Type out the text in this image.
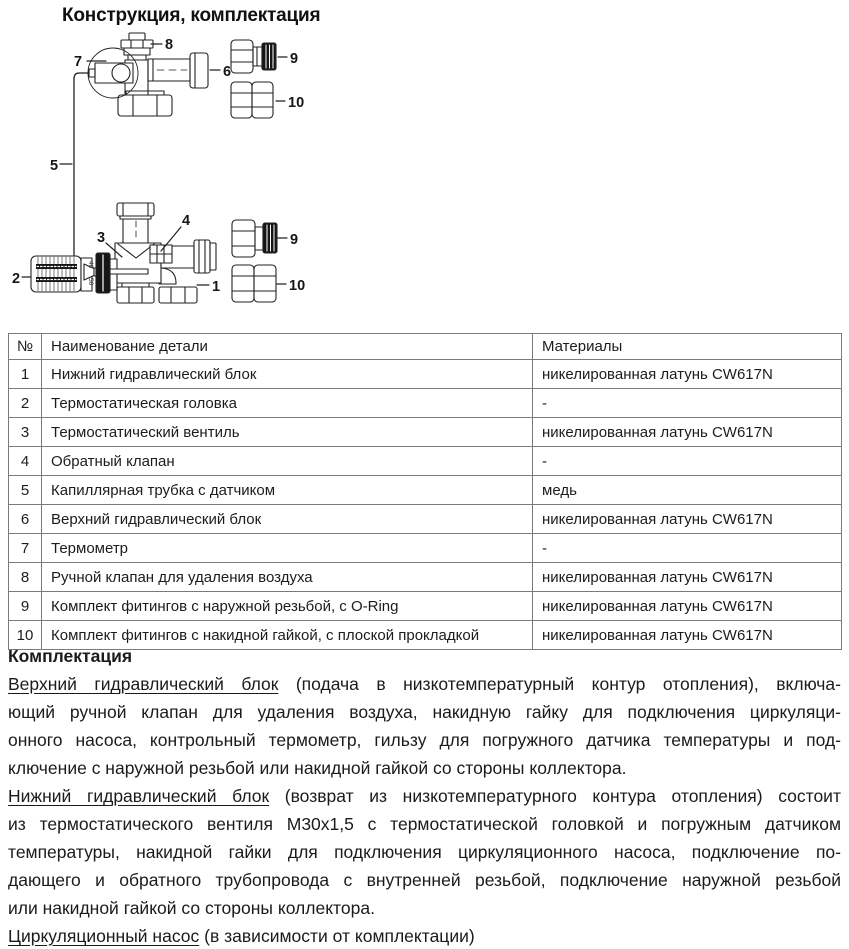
Конструкция, комплектация
7
8
6
9
10
5
3
4
2	1
9
10
40
50
№	Наименование детали	Материалы
1	Нижний гидравлический блок	никелированная латунь CW617N
2	Термостатическая головка	-
3	Термостатический вентиль	никелированная латунь CW617N
4	Обратный клапан	-
5	Капиллярная трубка с датчиком	медь
6	Верхний гидравлический блок	никелированная латунь CW617N
7	Термометр	-
8	Ручной клапан для удаления воздуха	никелированная латунь CW617N
9	Комплект фитингов с наружной резьбой, с O-Ring	никелированная латунь CW617N
10	Комплект фитингов с накидной гайкой, с плоской прокладкой	никелированная латунь CW617N
Комплектация
Верхний гидравлический блок (подача в низкотемпературный контур отопления), включа-
ющий ручной клапан для удаления воздуха, накидную гайку для подключения циркуляци-
онного насоса, контрольный термометр, гильзу для погружного датчика температуры и под-
ключение с наружной резьбой или накидной гайкой со стороны коллектора.
Нижний гидравлический блок (возврат из низкотемпературного контура отопления) состоит
из термостатического вентиля М30х1,5 с термостатической головкой и погружным датчиком
температуры, накидной гайки для подключения циркуляционного насоса, подключение по-
дающего и обратного трубопровода с внутренней резьбой, подключение наружной резьбой
или накидной гайкой со стороны коллектора.
Циркуляционный насос (в зависимости от комплектации)
